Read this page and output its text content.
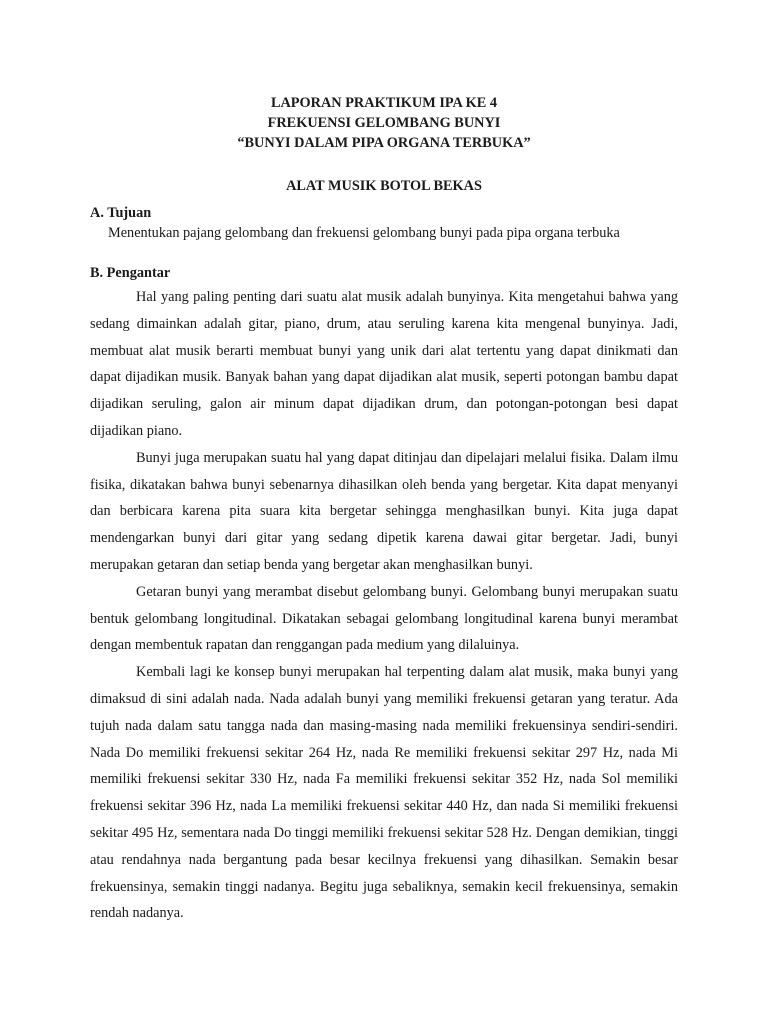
LAPORAN PRAKTIKUM IPA KE 4
FREKUENSI GELOMBANG BUNYI
“BUNYI DALAM PIPA ORGANA TERBUKA”
ALAT MUSIK BOTOL BEKAS
A. Tujuan
Menentukan pajang gelombang dan frekuensi gelombang bunyi pada pipa organa terbuka
B. Pengantar

Hal yang paling penting dari suatu alat musik adalah bunyinya. Kita mengetahui bahwa yang sedang dimainkan adalah gitar, piano, drum, atau seruling karena kita mengenal bunyinya. Jadi, membuat alat musik berarti membuat bunyi yang unik dari alat tertentu yang dapat dinikmati dan dapat dijadikan musik. Banyak bahan yang dapat dijadikan alat musik, seperti potongan bambu dapat dijadikan seruling, galon air minum dapat dijadikan drum, dan potongan-potongan besi dapat dijadikan piano.

Bunyi juga merupakan suatu hal yang dapat ditinjau dan dipelajari melalui fisika. Dalam ilmu fisika, dikatakan bahwa bunyi sebenarnya dihasilkan oleh benda yang bergetar. Kita dapat menyanyi dan berbicara karena pita suara kita bergetar sehingga menghasilkan bunyi. Kita juga dapat mendengarkan bunyi dari gitar yang sedang dipetik karena dawai gitar bergetar. Jadi, bunyi merupakan getaran dan setiap benda yang bergetar akan menghasilkan bunyi.

Getaran bunyi yang merambat disebut gelombang bunyi. Gelombang bunyi merupakan suatu bentuk gelombang longitudinal. Dikatakan sebagai gelombang longitudinal karena bunyi merambat dengan membentuk rapatan dan renggangan pada medium yang dilaluinya.

Kembali lagi ke konsep bunyi merupakan hal terpenting dalam alat musik, maka bunyi yang dimaksud di sini adalah nada. Nada adalah bunyi yang memiliki frekuensi getaran yang teratur. Ada tujuh nada dalam satu tangga nada dan masing-masing nada memiliki frekuensinya sendiri-sendiri. Nada Do memiliki frekuensi sekitar 264 Hz, nada Re memiliki frekuensi sekitar 297 Hz, nada Mi memiliki frekuensi sekitar 330 Hz, nada Fa memiliki frekuensi sekitar 352 Hz, nada Sol memiliki frekuensi sekitar 396 Hz, nada La memiliki frekuensi sekitar 440 Hz, dan nada Si memiliki frekuensi sekitar 495 Hz, sementara nada Do tinggi memiliki frekuensi sekitar 528 Hz. Dengan demikian, tinggi atau rendahnya nada bergantung pada besar kecilnya frekuensi yang dihasilkan. Semakin besar frekuensinya, semakin tinggi nadanya. Begitu juga sebaliknya, semakin kecil frekuensinya, semakin rendah nadanya.
